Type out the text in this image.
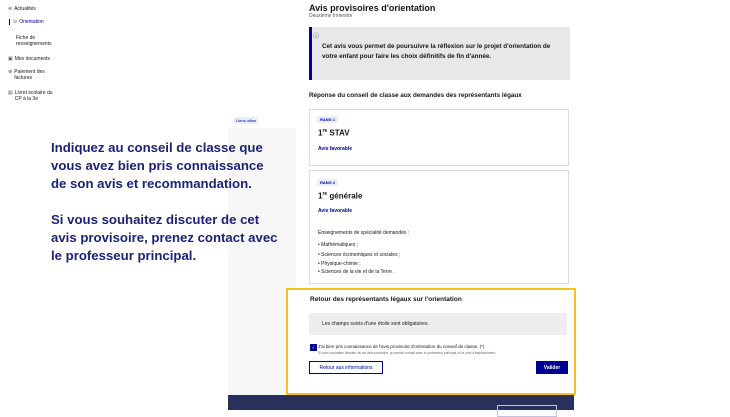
⊜ Actualités
⊙ Orientation
Fiche de renseignements
▣ Mes documents
⊕ Paiement des factures
▤ Livret scolaire du CP à la 3e
Liens utiles
Avis provisoires d'orientation
Deuxième trimestre
ⓘ
Cet avis vous permet de poursuivre la réflexion sur le projet d'orientation de votre enfant pour faire les choix définitifs de fin d'année.
Réponse du conseil de classe aux demandes des représentants légaux
RANG 1
1re STAV
Avis favorable
RANG 2
1re générale
Avis favorable
Enseignements de spécialité demandés :
• Mathématiques ;
• Sciences économiques et sociales ;
• Physique-chimie ;
• Sciences de la vie et de la Terre .
Retour des représentants légaux sur l'orientation
Les champs suivis d'une étoile sont obligatoires.
✓ J'ai bien pris connaissance de l'avis provisoire d'orientation du conseil de classe. (*)
Si vous souhaitez discuter de cet avis provisoire, je prends contact avec le professeur principal ou le chef d'établissement.
Retour aux informations	Valider

Indiquez au conseil de classe que vous avez bien pris connaissance de son avis et recommandation.

Si vous souhaitez discuter de cet avis provisoire, prenez contact avec le professeur principal.
